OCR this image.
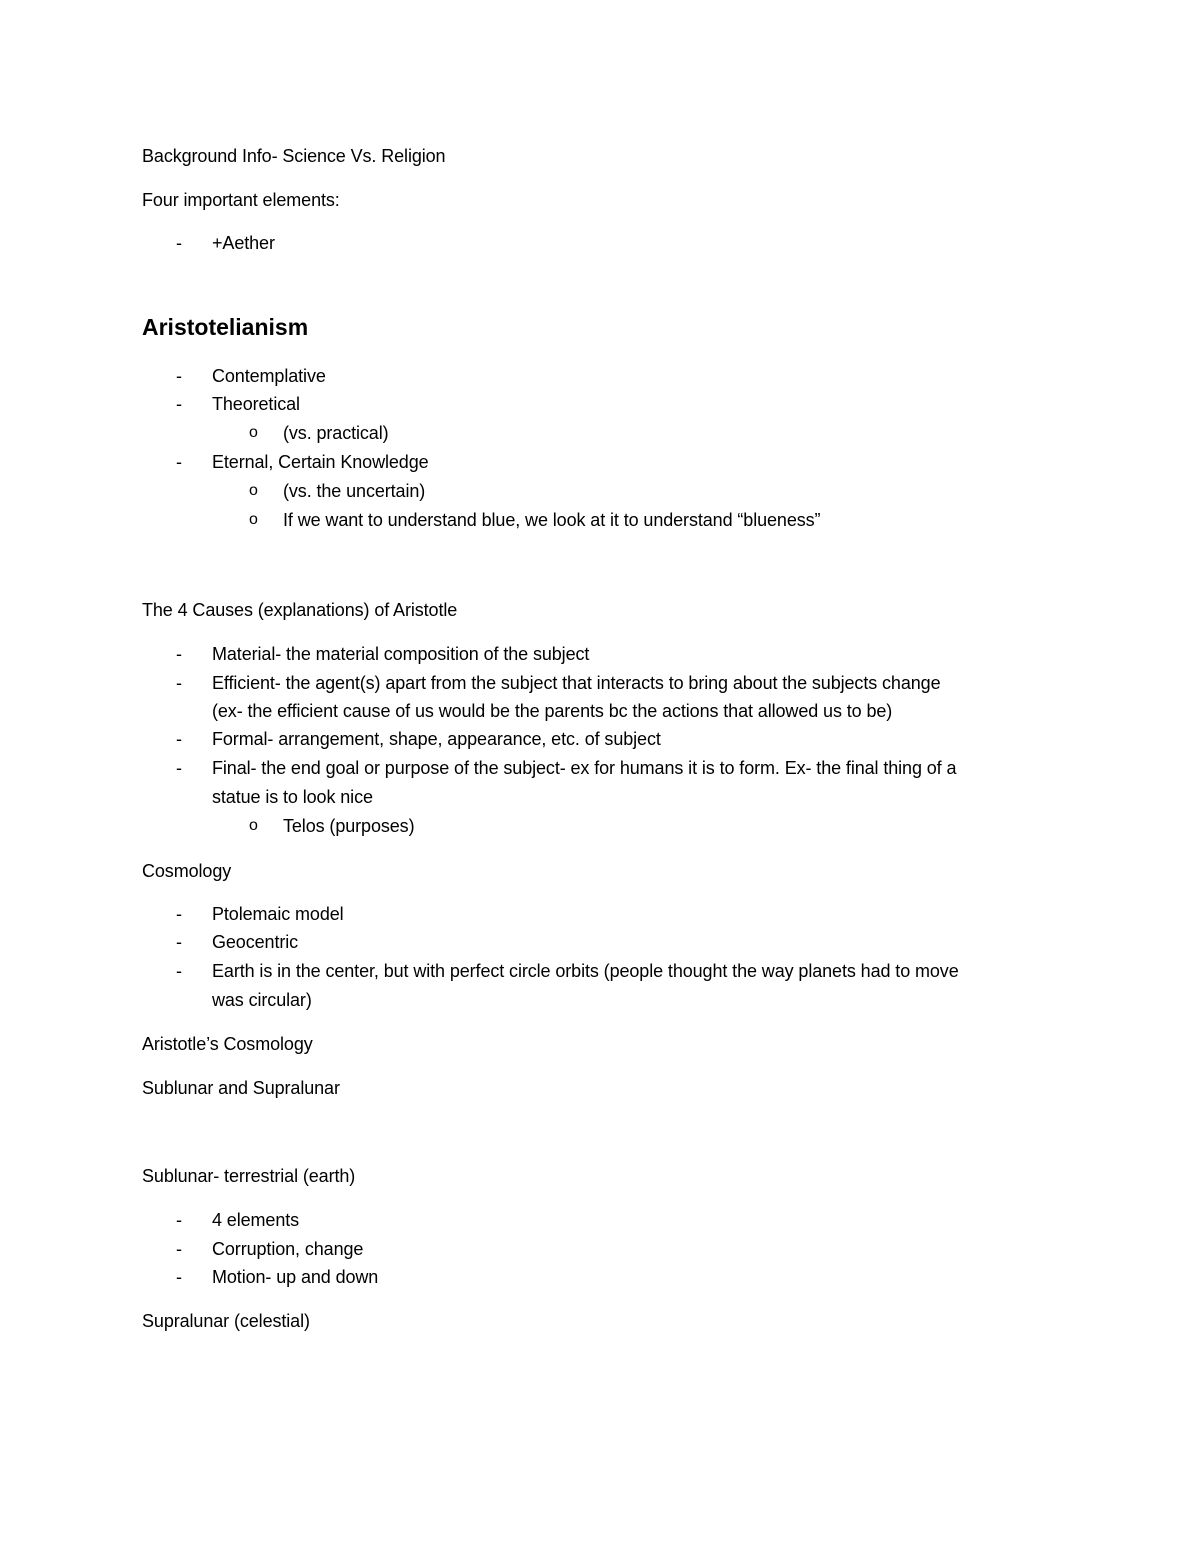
Background Info- Science Vs. Religion
Four important elements:
- +Aether
Aristotelianism
- Contemplative
- Theoretical
o (vs. practical)
- Eternal, Certain Knowledge
o (vs. the uncertain)
o If we want to understand blue, we look at it to understand “blueness”
The 4 Causes (explanations) of Aristotle
- Material- the material composition of the subject
- Efficient- the agent(s) apart from the subject that interacts to bring about the subjects change
(ex- the efficient cause of us would be the parents bc the actions that allowed us to be)
- Formal- arrangement, shape, appearance, etc. of subject
- Final- the end goal or purpose of the subject- ex for humans it is to form. Ex- the final thing of a
statue is to look nice
o Telos (purposes)
Cosmology
- Ptolemaic model
- Geocentric
- Earth is in the center, but with perfect circle orbits (people thought the way planets had to move
was circular)
Aristotle’s Cosmology
Sublunar and Supralunar
Sublunar- terrestrial (earth)
- 4 elements
- Corruption, change
- Motion- up and down
Supralunar (celestial)
